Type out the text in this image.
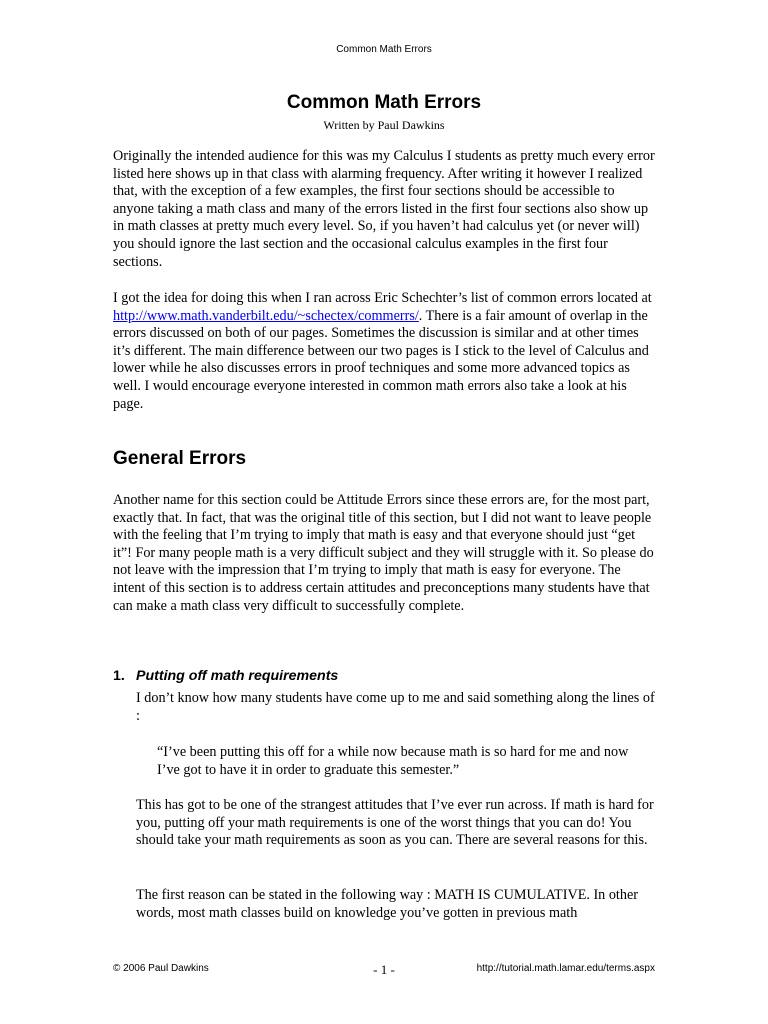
Common Math Errors
Common Math Errors
Written by Paul Dawkins

Originally the intended audience for this was my Calculus I students as pretty much every error listed here shows up in that class with alarming frequency. After writing it however I realized that, with the exception of a few examples, the first four sections should be accessible to anyone taking a math class and many of the errors listed in the first four sections also show up in math classes at pretty much every level. So, if you haven’t had calculus yet (or never will) you should ignore the last section and the occasional calculus examples in the first four sections.

I got the idea for doing this when I ran across Eric Schechter’s list of common errors located at http://www.math.vanderbilt.edu/~schectex/commerrs/. There is a fair amount of overlap in the errors discussed on both of our pages. Sometimes the discussion is similar and at other times it’s different. The main difference between our two pages is I stick to the level of Calculus and lower while he also discusses errors in proof techniques and some more advanced topics as well. I would encourage everyone interested in common math errors also take a look at his page.

General Errors

Another name for this section could be Attitude Errors since these errors are, for the most part, exactly that. In fact, that was the original title of this section, but I did not want to leave people with the feeling that I’m trying to imply that math is easy and that everyone should just “get it”! For many people math is a very difficult subject and they will struggle with it. So please do not leave with the impression that I’m trying to imply that math is easy for everyone. The intent of this section is to address certain attitudes and preconceptions many students have that can make a math class very difficult to successfully complete.

1. Putting off math requirements

I don’t know how many students have come up to me and said something along the lines of :

“I’ve been putting this off for a while now because math is so hard for me and now I’ve got to have it in order to graduate this semester.”

This has got to be one of the strangest attitudes that I’ve ever run across. If math is hard for you, putting off your math requirements is one of the worst things that you can do! You should take your math requirements as soon as you can. There are several reasons for this.

The first reason can be stated in the following way : MATH IS CUMULATIVE. In other words, most math classes build on knowledge you’ve gotten in previous math

© 2006 Paul Dawkins	- 1 -	http://tutorial.math.lamar.edu/terms.aspx
